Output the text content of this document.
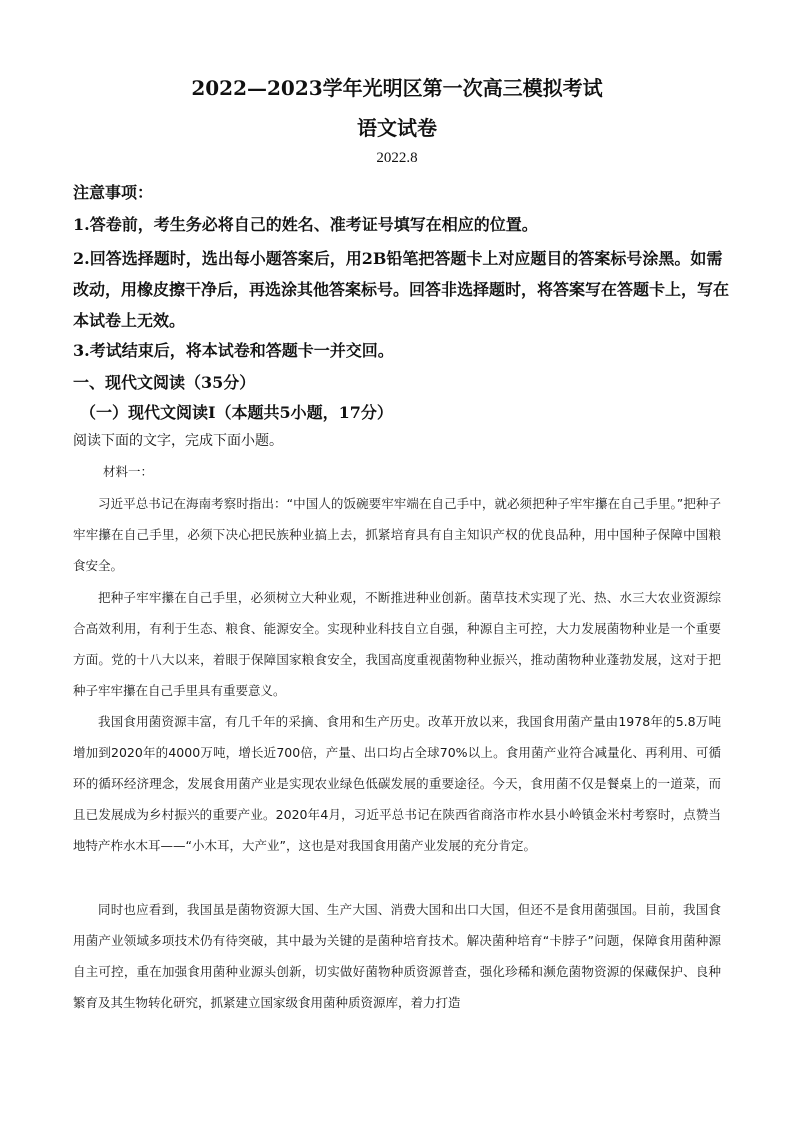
2022—2023学年光明区第一次高三模拟考试
语文试卷
2022.8
注意事项：
1.答卷前，考生务必将自己的姓名、准考证号填写在相应的位置。
2.回答选择题时，选出每小题答案后，用2B铅笔把答题卡上对应题目的答案标号涂黑。如需改动，用橡皮擦干净后，再选涂其他答案标号。回答非选择题时，将答案写在答题卡上，写在本试卷上无效。
3.考试结束后，将本试卷和答题卡一并交回。
一、现代文阅读（35分）
（一）现代文阅读Ⅰ（本题共5小题，17分）
阅读下面的文字，完成下面小题。
材料一：

习近平总书记在海南考察时指出：“中国人的饭碗要牢牢端在自己手中，就必须把种子牢牢攥在自己手里。”把种子牢牢攥在自己手里，必须下决心把民族种业搞上去，抓紧培育具有自主知识产权的优良品种，用中国种子保障中国粮食安全。

把种子牢牢攥在自己手里，必须树立大种业观，不断推进种业创新。菌草技术实现了光、热、水三大农业资源综合高效利用，有利于生态、粮食、能源安全。实现种业科技自立自强，种源自主可控，大力发展菌物种业是一个重要方面。党的十八大以来，着眼于保障国家粮食安全，我国高度重视菌物种业振兴，推动菌物种业蓬勃发展，这对于把种子牢牢攥在自己手里具有重要意义。

我国食用菌资源丰富，有几千年的采摘、食用和生产历史。改革开放以来，我国食用菌产量由1978年的5.8万吨增加到2020年的4000万吨，增长近700倍，产量、出口均占全球70%以上。食用菌产业符合减量化、再利用、可循环的循环经济理念，发展食用菌产业是实现农业绿色低碳发展的重要途径。今天，食用菌不仅是餐桌上的一道菜，而且已发展成为乡村振兴的重要产业。2020年4月，习近平总书记在陕西省商洛市柞水县小岭镇金米村考察时，点赞当地特产柞水木耳——“小木耳，大产业”，这也是对我国食用菌产业发展的充分肯定。

同时也应看到，我国虽是菌物资源大国、生产大国、消费大国和出口大国，但还不是食用菌强国。目前，我国食用菌产业领域多项技术仍有待突破，其中最为关键的是菌种培育技术。解决菌种培育“卡脖子”问题，保障食用菌种源自主可控，重在加强食用菌种业源头创新，切实做好菌物种质资源普查，强化珍稀和濒危菌物资源的保藏保护、良种繁育及其生物转化研究，抓紧建立国家级食用菌种质资源库，着力打造
